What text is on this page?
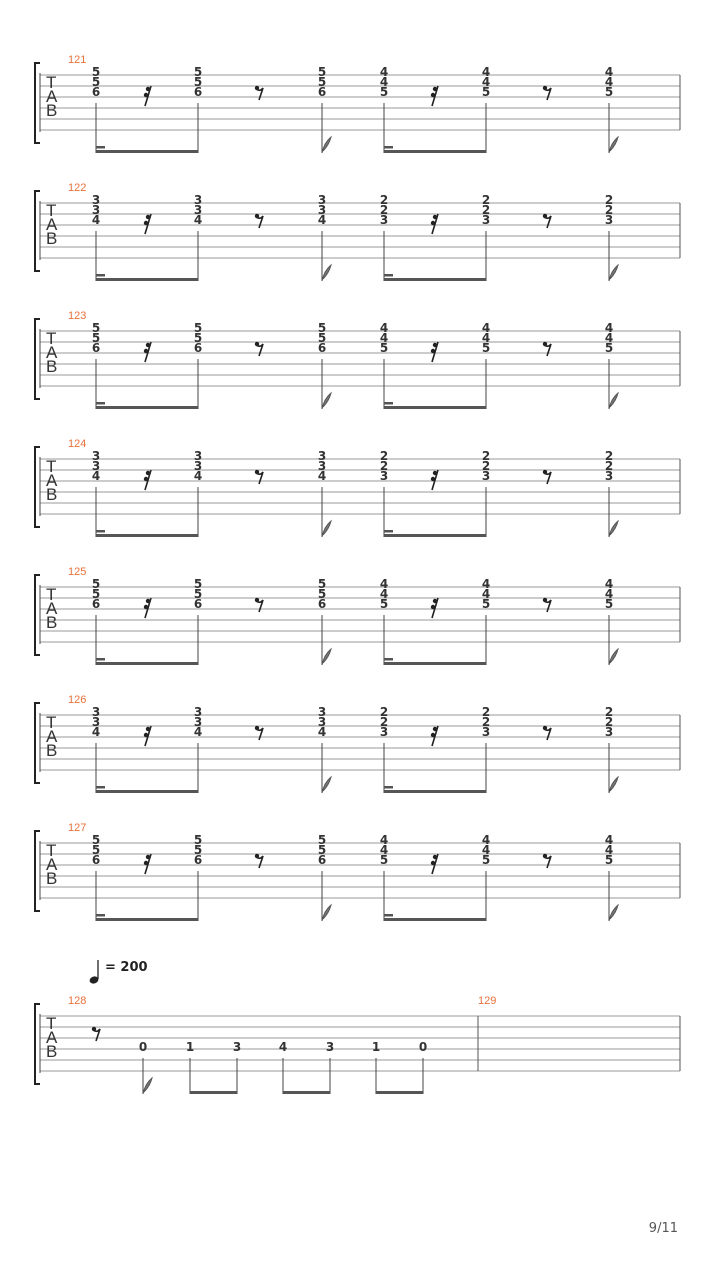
121
T
A
B
5
5
6
5
5
6
5
5
6
4
4
5
4
4
5
4
4
5
122
T
A
B
3
3
4
3
3
4
3
3
4
2
2
3
2
2
3
2
2
3
123
T
A
B
5
5
6
5
5
6
5
5
6
4
4
5
4
4
5
4
4
5
124
T
A
B
3
3
4
3
3
4
3
3
4
2
2
3
2
2
3
2
2
3
125
T
A
B
5
5
6
5
5
6
5
5
6
4
4
5
4
4
5
4
4
5
126
T
A
B
3
3
4
3
3
4
3
3
4
2
2
3
2
2
3
2
2
3
127
T
A
B
5
5
6
5
5
6
5
5
6
4
4
5
4
4
5
4
4
5
= 200
128	129
T
A
B	0	1	3	4	3	1	0
9/11
